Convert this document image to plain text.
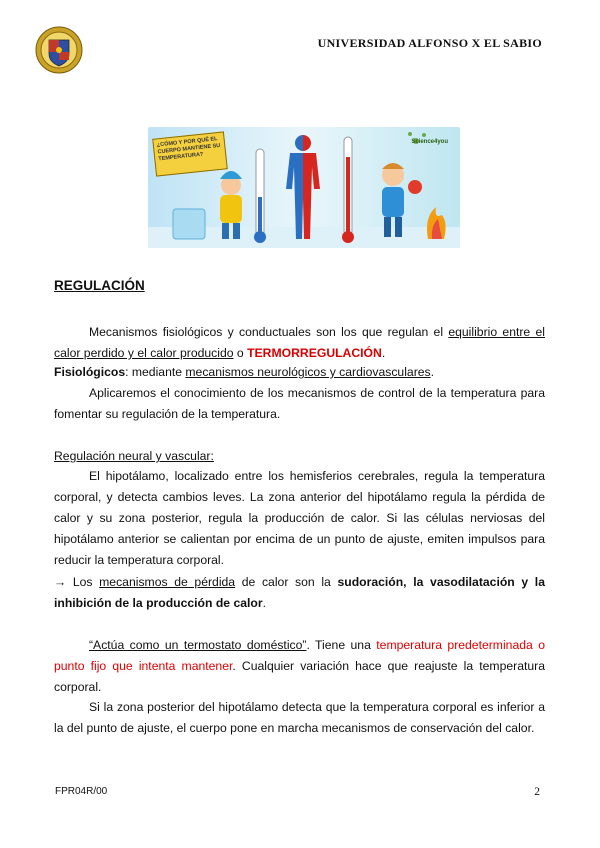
UNIVERSIDAD ALFONSO X EL SABIO
¿CÓMO Y POR QUÉ EL CUERPO MANTIENE SU TEMPERATURA?
Science4you
REGULACIÓN
Mecanismos fisiológicos y conductuales son los que regulan el equilibrio entre el calor perdido y el calor producido o TERMORREGULACIÓN.
Fisiológicos: mediante mecanismos neurológicos y cardiovasculares.
Aplicaremos el conocimiento de los mecanismos de control de la temperatura para fomentar su regulación de la temperatura.
Regulación neural y vascular:
El hipotálamo, localizado entre los hemisferios cerebrales, regula la temperatura corporal, y detecta cambios leves. La zona anterior del hipotálamo regula la pérdida de calor y su zona posterior, regula la producción de calor. Si las células nerviosas del hipotálamo anterior se calientan por encima de un punto de ajuste, emiten impulsos para reducir la temperatura corporal.
→ Los mecanismos de pérdida de calor son la sudoración, la vasodilatación y la inhibición de la producción de calor.
“Actúa como un termostato doméstico”. Tiene una temperatura predeterminada o punto fijo que intenta mantener. Cualquier variación hace que reajuste la temperatura corporal.
Si la zona posterior del hipotálamo detecta que la temperatura corporal es inferior a la del punto de ajuste, el cuerpo pone en marcha mecanismos de conservación del calor.
FPR04R/00	2
